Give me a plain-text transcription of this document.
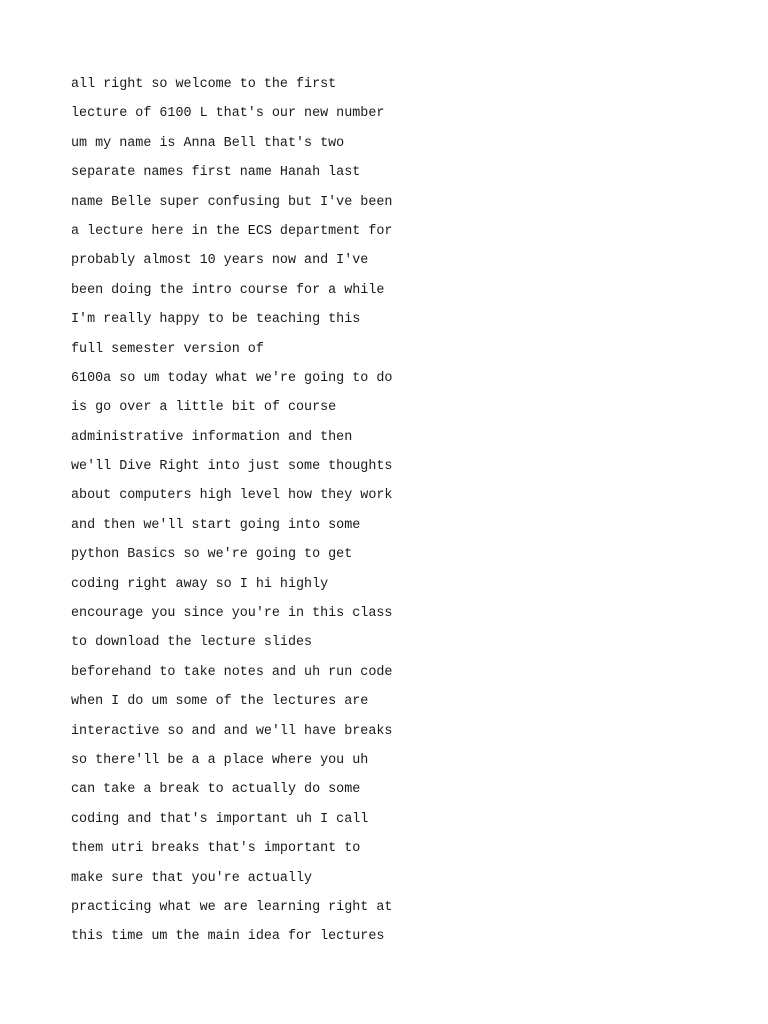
all right so welcome to the first
lecture of 6100 L that's our new number
um my name is Anna Bell that's two
separate names first name Hanah last
name Belle super confusing but I've been
a lecture here in the ECS department for
probably almost 10 years now and I've
been doing the intro course for a while
I'm really happy to be teaching this
full semester version of
6100a so um today what we're going to do
is go over a little bit of course
administrative information and then
we'll Dive Right into just some thoughts
about computers high level how they work
and then we'll start going into some
python Basics so we're going to get
coding right away so I hi highly
encourage you since you're in this class
to download the lecture slides
beforehand to take notes and uh run code
when I do um some of the lectures are
interactive so and and we'll have breaks
so there'll be a a place where you uh
can take a break to actually do some
coding and that's important uh I call
them utri breaks that's important to
make sure that you're actually
practicing what we are learning right at
this time um the main idea for lectures
